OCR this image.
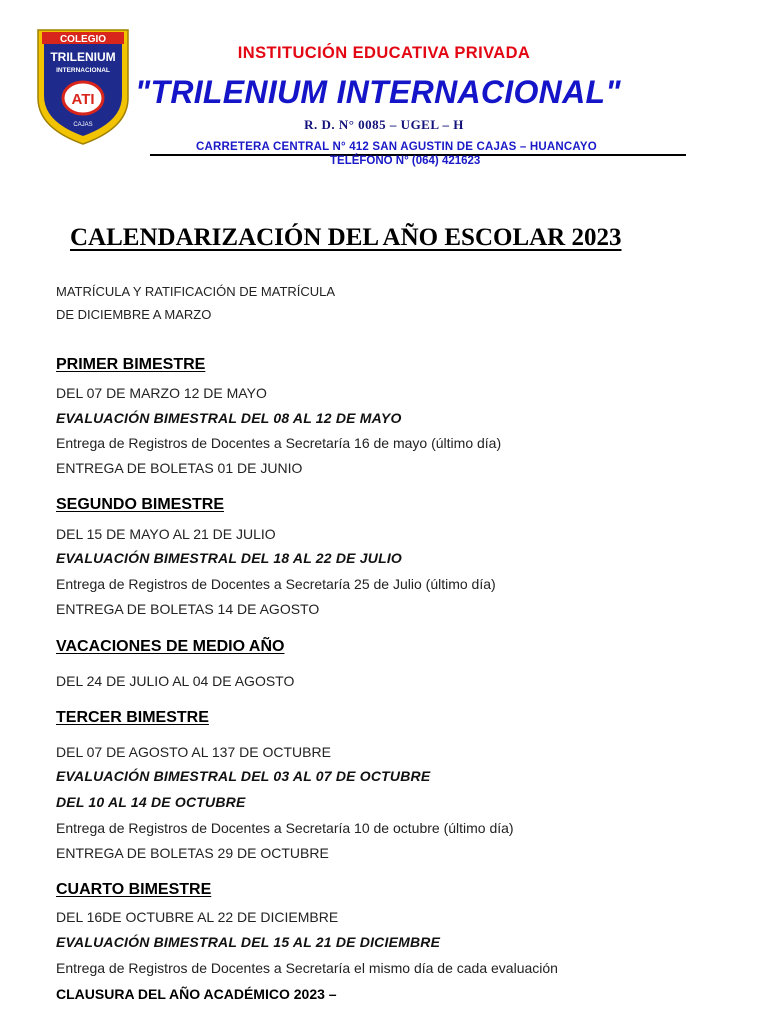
COLEGIO
TRILENIUM
INTERNACIONAL
ATI
CAJAS
INSTITUCIÓN EDUCATIVA PRIVADA
"TRILENIUM INTERNACIONAL"
R. D. N° 0085 – UGEL – H
CARRETERA CENTRAL N° 412 SAN AGUSTIN DE CAJAS – HUANCAYO
TELÉFONO N° (064) 421623
CALENDARIZACIÓN DEL AÑO ESCOLAR 2023
MATRÍCULA Y RATIFICACIÓN DE MATRÍCULA
DE DICIEMBRE A MARZO
PRIMER BIMESTRE
DEL 07 DE MARZO 12 DE MAYO
EVALUACIÓN BIMESTRAL DEL 08 AL 12 DE MAYO
Entrega de Registros de Docentes a Secretaría 16 de mayo (último día)
ENTREGA DE BOLETAS 01 DE JUNIO
SEGUNDO BIMESTRE
DEL 15 DE MAYO AL 21 DE JULIO
EVALUACIÓN BIMESTRAL DEL 18 AL 22 DE JULIO
Entrega de Registros de Docentes a Secretaría 25 de Julio (último día)
ENTREGA DE BOLETAS 14 DE AGOSTO
VACACIONES DE MEDIO AÑO
DEL 24 DE JULIO AL 04 DE AGOSTO
TERCER BIMESTRE
DEL 07 DE AGOSTO AL 137 DE OCTUBRE
EVALUACIÓN BIMESTRAL DEL 03 AL 07 DE OCTUBRE
DEL 10 AL 14 DE OCTUBRE
Entrega de Registros de Docentes a Secretaría 10 de octubre (último día)
ENTREGA DE BOLETAS 29 DE OCTUBRE
CUARTO BIMESTRE
DEL 16DE OCTUBRE AL 22 DE DICIEMBRE
EVALUACIÓN BIMESTRAL DEL 15 AL 21 DE DICIEMBRE
Entrega de Registros de Docentes a Secretaría el mismo día de cada evaluación
CLAUSURA DEL AÑO ACADÉMICO 2023 –
